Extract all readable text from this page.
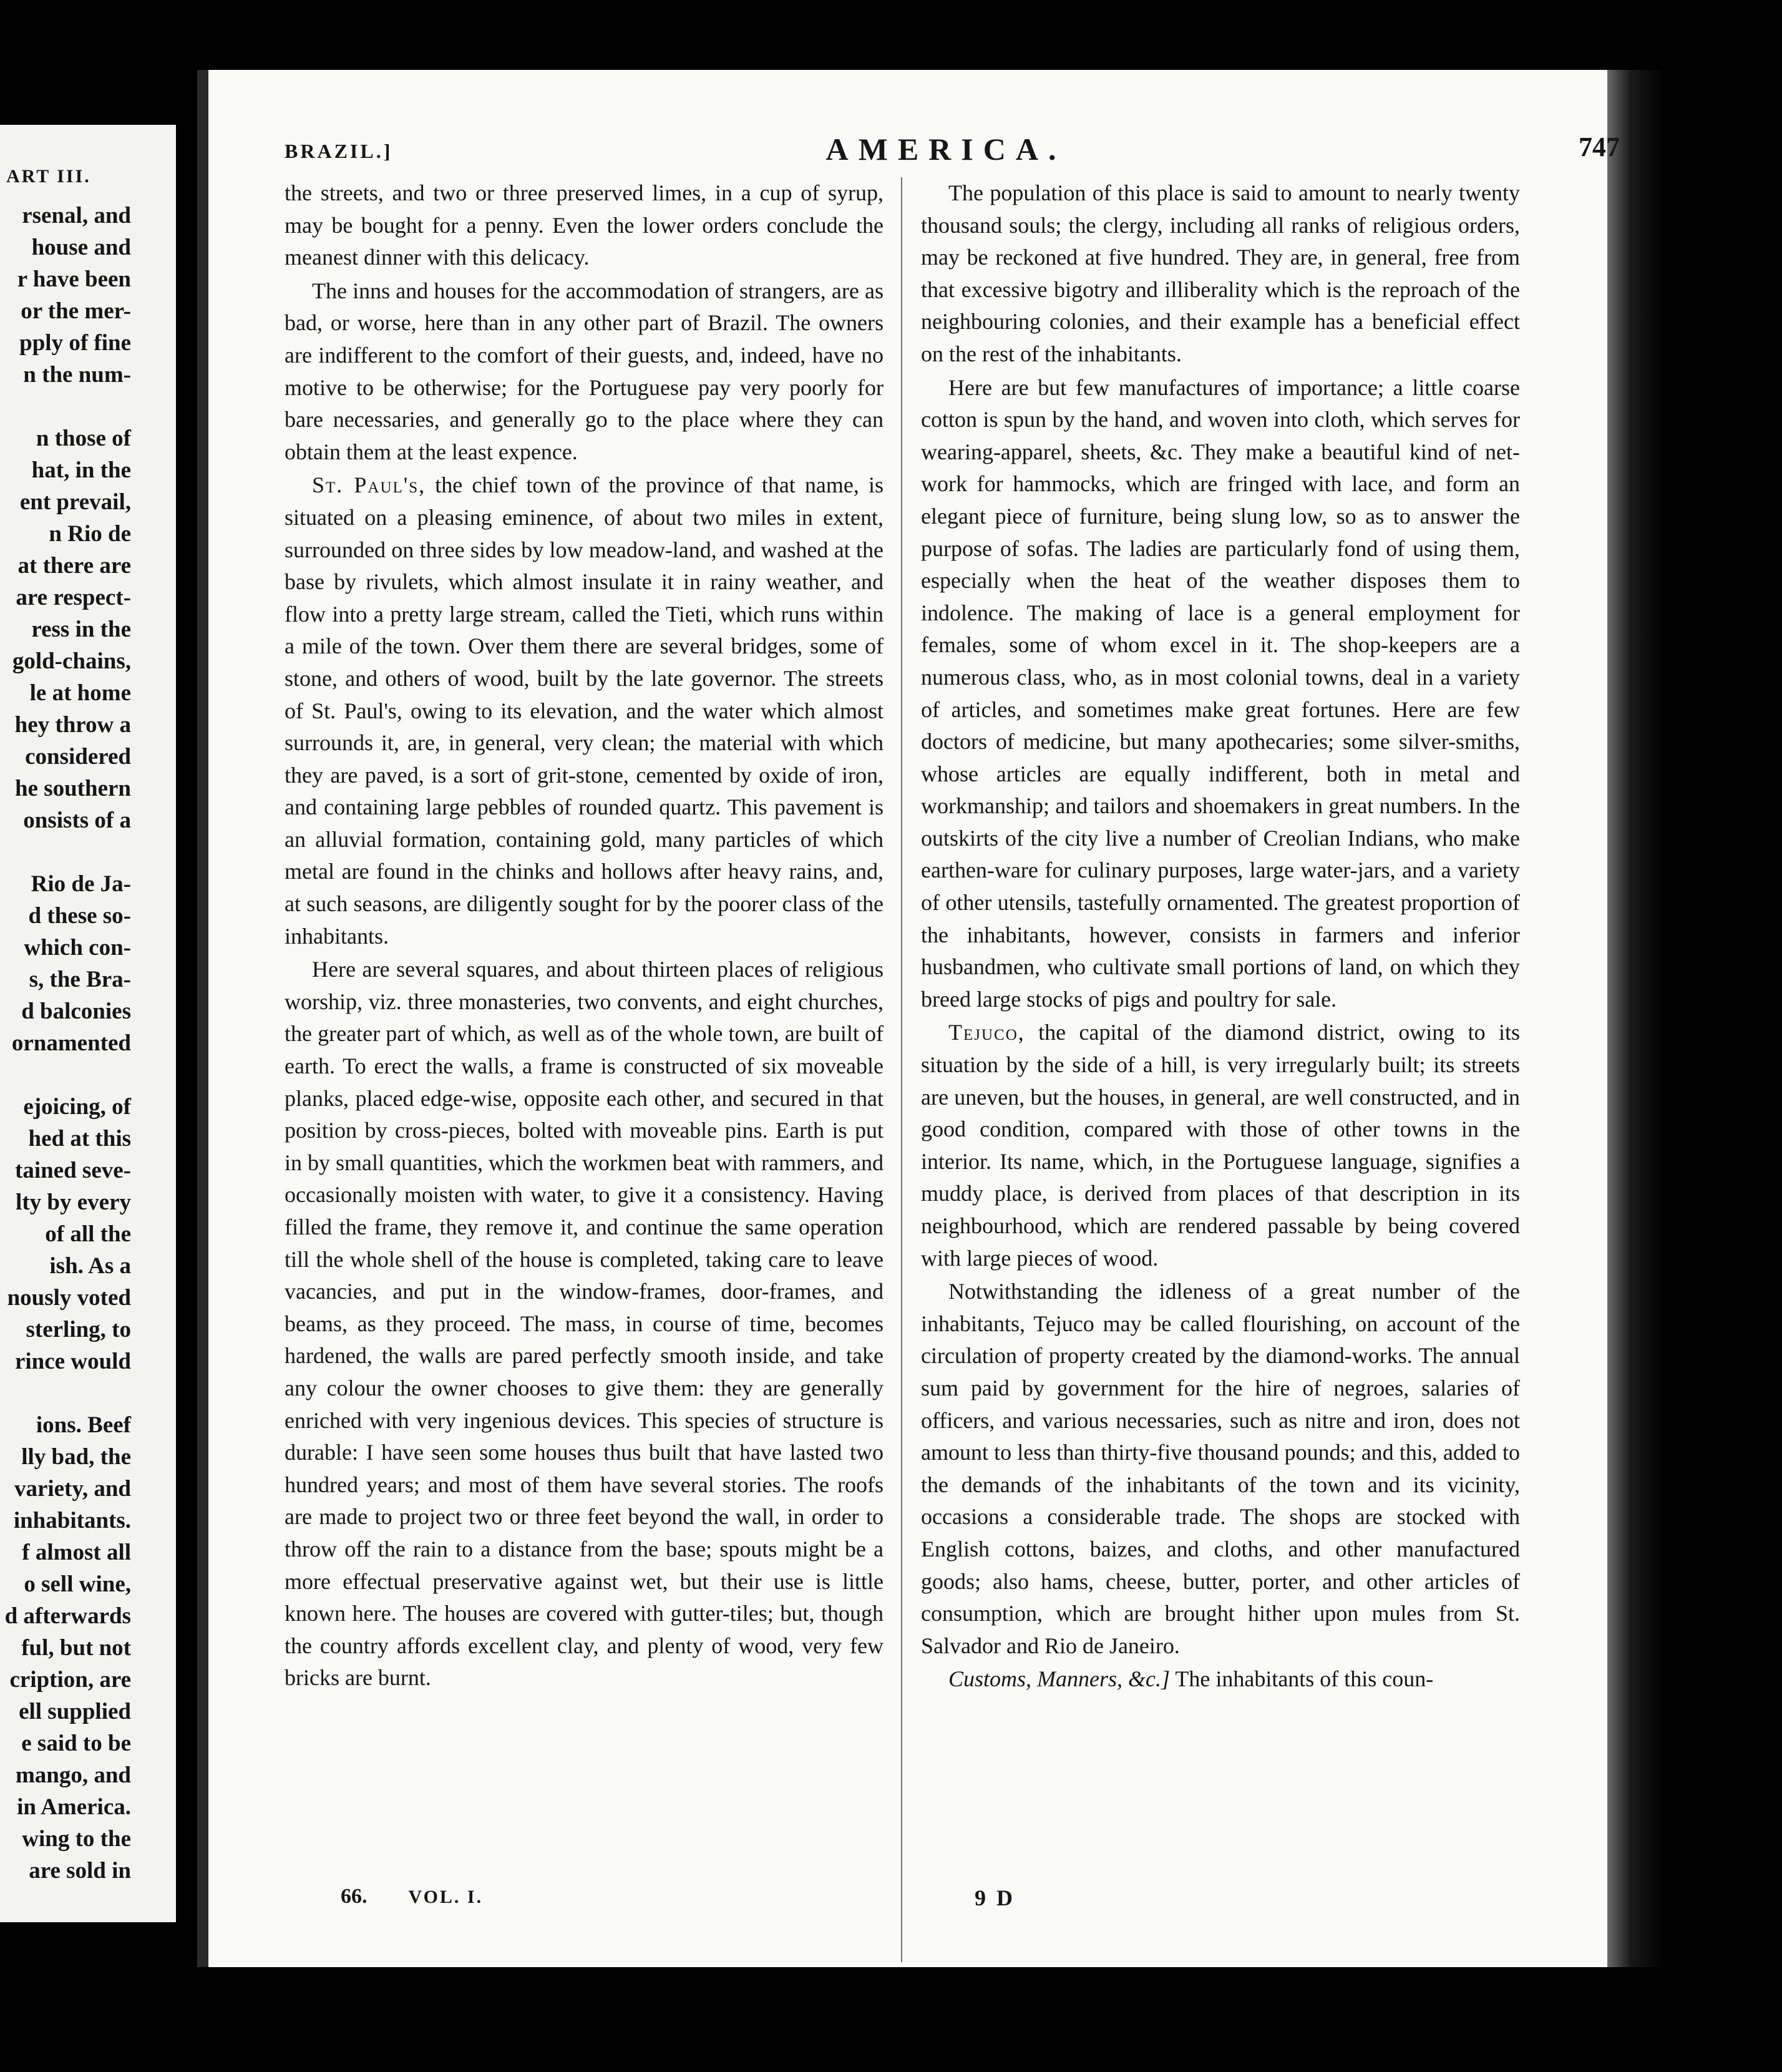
ART III.
rsenal, and
house and
r have been
or the mer-
pply of fine
n the num-
n those of
hat, in the
ent prevail,
n Rio de
at there are
are respect-
ress in the
gold-chains,
le at home
hey throw a
considered
he southern
onsists of a
Rio de Ja-
d these so-
which con-
s, the Bra-
d balconies
ornamented
ejoicing, of
hed at this
tained seve-
lty by every
of all the
ish. As a
nously voted
sterling, to
rince would
ions. Beef
lly bad, the
variety, and
inhabitants.
f almost all
o sell wine,
d afterwards
ful, but not
cription, are
ell supplied
e said to be
mango, and
in America.
wing to the
are sold in
BRAZIL.]	AMERICA.	747

the streets, and two or three preserved limes, in a cup of syrup, may be bought for a penny. Even the lower orders conclude the meanest dinner with this delicacy.

The inns and houses for the accommodation of strangers, are as bad, or worse, here than in any other part of Brazil. The owners are indifferent to the comfort of their guests, and, indeed, have no motive to be otherwise; for the Portuguese pay very poorly for bare necessaries, and generally go to the place where they can obtain them at the least expence.

St. Paul's, the chief town of the province of that name, is situated on a pleasing eminence, of about two miles in extent, surrounded on three sides by low meadow-land, and washed at the base by rivulets, which almost insulate it in rainy weather, and flow into a pretty large stream, called the Tieti, which runs within a mile of the town. Over them there are several bridges, some of stone, and others of wood, built by the late governor. The streets of St. Paul's, owing to its elevation, and the water which almost surrounds it, are, in general, very clean; the material with which they are paved, is a sort of grit-stone, cemented by oxide of iron, and containing large pebbles of rounded quartz. This pavement is an alluvial formation, containing gold, many particles of which metal are found in the chinks and hollows after heavy rains, and, at such seasons, are diligently sought for by the poorer class of the inhabitants.

Here are several squares, and about thirteen places of religious worship, viz. three monasteries, two convents, and eight churches, the greater part of which, as well as of the whole town, are built of earth. To erect the walls, a frame is constructed of six moveable planks, placed edge-wise, opposite each other, and secured in that position by cross-pieces, bolted with moveable pins. Earth is put in by small quantities, which the workmen beat with rammers, and occasionally moisten with water, to give it a consistency. Having filled the frame, they remove it, and continue the same operation till the whole shell of the house is completed, taking care to leave vacancies, and put in the window-frames, door-frames, and beams, as they proceed. The mass, in course of time, becomes hardened, the walls are pared perfectly smooth inside, and take any colour the owner chooses to give them: they are generally enriched with very ingenious devices. This species of structure is durable: I have seen some houses thus built that have lasted two hundred years; and most of them have several stories. The roofs are made to project two or three feet beyond the wall, in order to throw off the rain to a distance from the base; spouts might be a more effectual preservative against wet, but their use is little known here. The houses are covered with gutter-tiles; but, though the country affords excellent clay, and plenty of wood, very few bricks are burnt.

The population of this place is said to amount to nearly twenty thousand souls; the clergy, including all ranks of religious orders, may be reckoned at five hundred. They are, in general, free from that excessive bigotry and illiberality which is the reproach of the neighbouring colonies, and their example has a beneficial effect on the rest of the inhabitants.

Here are but few manufactures of importance; a little coarse cotton is spun by the hand, and woven into cloth, which serves for wearing-apparel, sheets, &c. They make a beautiful kind of net-work for hammocks, which are fringed with lace, and form an elegant piece of furniture, being slung low, so as to answer the purpose of sofas. The ladies are particularly fond of using them, especially when the heat of the weather disposes them to indolence. The making of lace is a general employment for females, some of whom excel in it. The shop-keepers are a numerous class, who, as in most colonial towns, deal in a variety of articles, and sometimes make great fortunes. Here are few doctors of medicine, but many apothecaries; some silver-smiths, whose articles are equally indifferent, both in metal and workmanship; and tailors and shoemakers in great numbers. In the outskirts of the city live a number of Creolian Indians, who make earthen-ware for culinary purposes, large water-jars, and a variety of other utensils, tastefully ornamented. The greatest proportion of the inhabitants, however, consists in farmers and inferior husbandmen, who cultivate small portions of land, on which they breed large stocks of pigs and poultry for sale.

Tejuco, the capital of the diamond district, owing to its situation by the side of a hill, is very irregularly built; its streets are uneven, but the houses, in general, are well constructed, and in good condition, compared with those of other towns in the interior. Its name, which, in the Portuguese language, signifies a muddy place, is derived from places of that description in its neighbourhood, which are rendered passable by being covered with large pieces of wood.

Notwithstanding the idleness of a great number of the inhabitants, Tejuco may be called flourishing, on account of the circulation of property created by the diamond-works. The annual sum paid by government for the hire of negroes, salaries of officers, and various necessaries, such as nitre and iron, does not amount to less than thirty-five thousand pounds; and this, added to the demands of the inhabitants of the town and its vicinity, occasions a considerable trade. The shops are stocked with English cottons, baizes, and cloths, and other manufactured goods; also hams, cheese, butter, porter, and other articles of consumption, which are brought hither upon mules from St. Salvador and Rio de Janeiro.

Customs, Manners, &c.] The inhabitants of this coun-

66. VOL. I.	9 D
